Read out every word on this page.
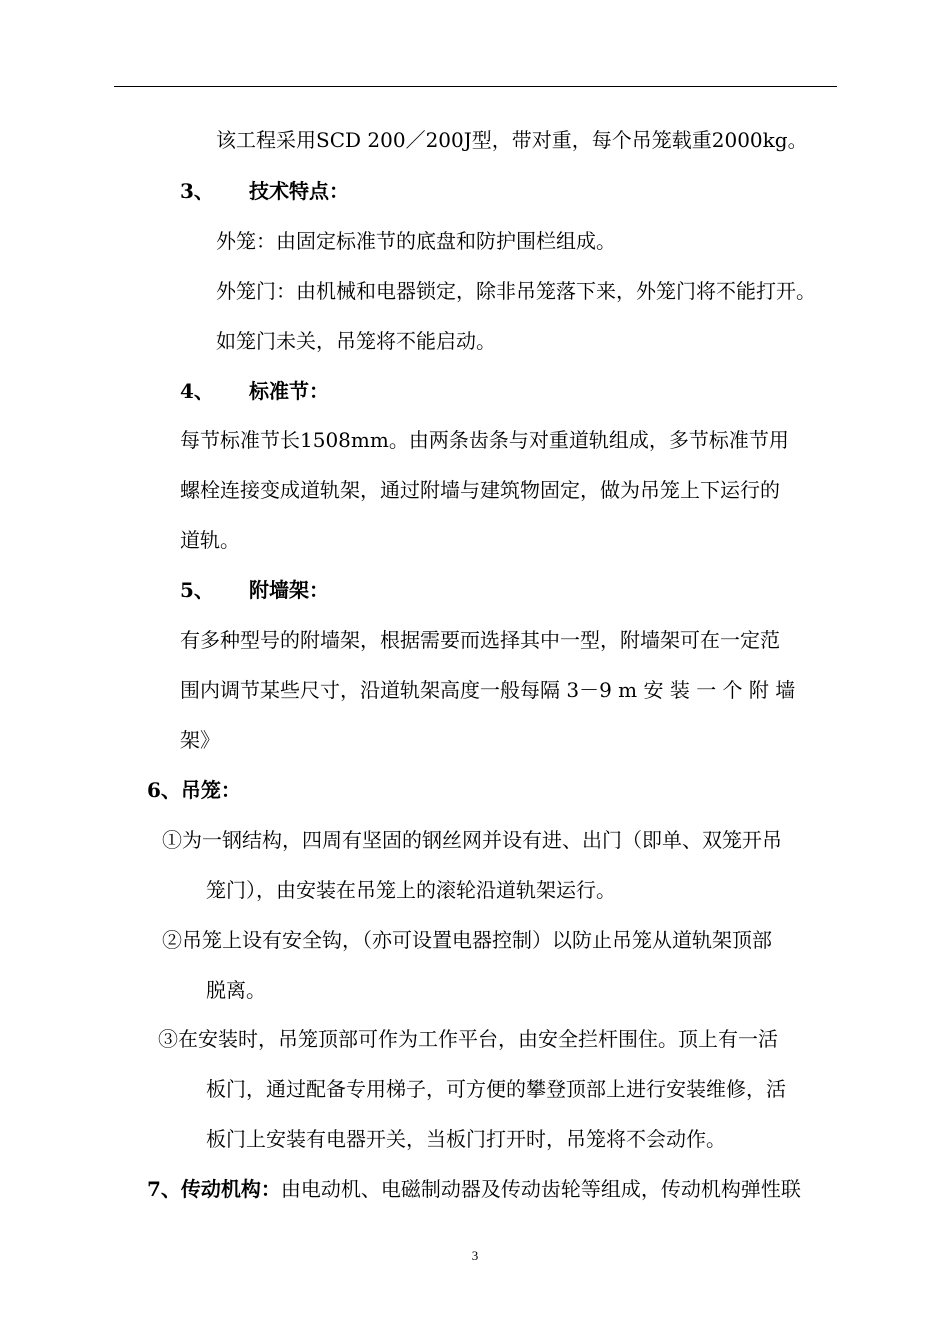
该工程采用SCD 200／200J型，带对重，每个吊笼载重2000kg。
3、 技术特点：
外笼：由固定标准节的底盘和防护围栏组成。
外笼门：由机械和电器锁定，除非吊笼落下来，外笼门将不能打开。
如笼门未关，吊笼将不能启动。
4、 标准节：
每节标准节长1508mm。由两条齿条与对重道轨组成，多节标准节用
螺栓连接变成道轨架，通过附墙与建筑物固定，做为吊笼上下运行的
道轨。
5、 附墙架：
有多种型号的附墙架，根据需要而选择其中一型，附墙架可在一定范
围内调节某些尺寸，沿道轨架高度一般每隔 3－9 m 安 装 一 个 附 墙
架》
6、吊笼：
①为一钢结构，四周有坚固的钢丝网并设有进、出门（即单、双笼开吊
笼门），由安装在吊笼上的滚轮沿道轨架运行。
②吊笼上设有安全钩，（亦可设置电器控制）以防止吊笼从道轨架顶部
脱离。
③在安装时，吊笼顶部可作为工作平台，由安全拦杆围住。顶上有一活
板门，通过配备专用梯子，可方便的攀登顶部上进行安装维修，活
板门上安装有电器开关，当板门打开时，吊笼将不会动作。
7、传动机构：由电动机、电磁制动器及传动齿轮等组成，传动机构弹性联
3
